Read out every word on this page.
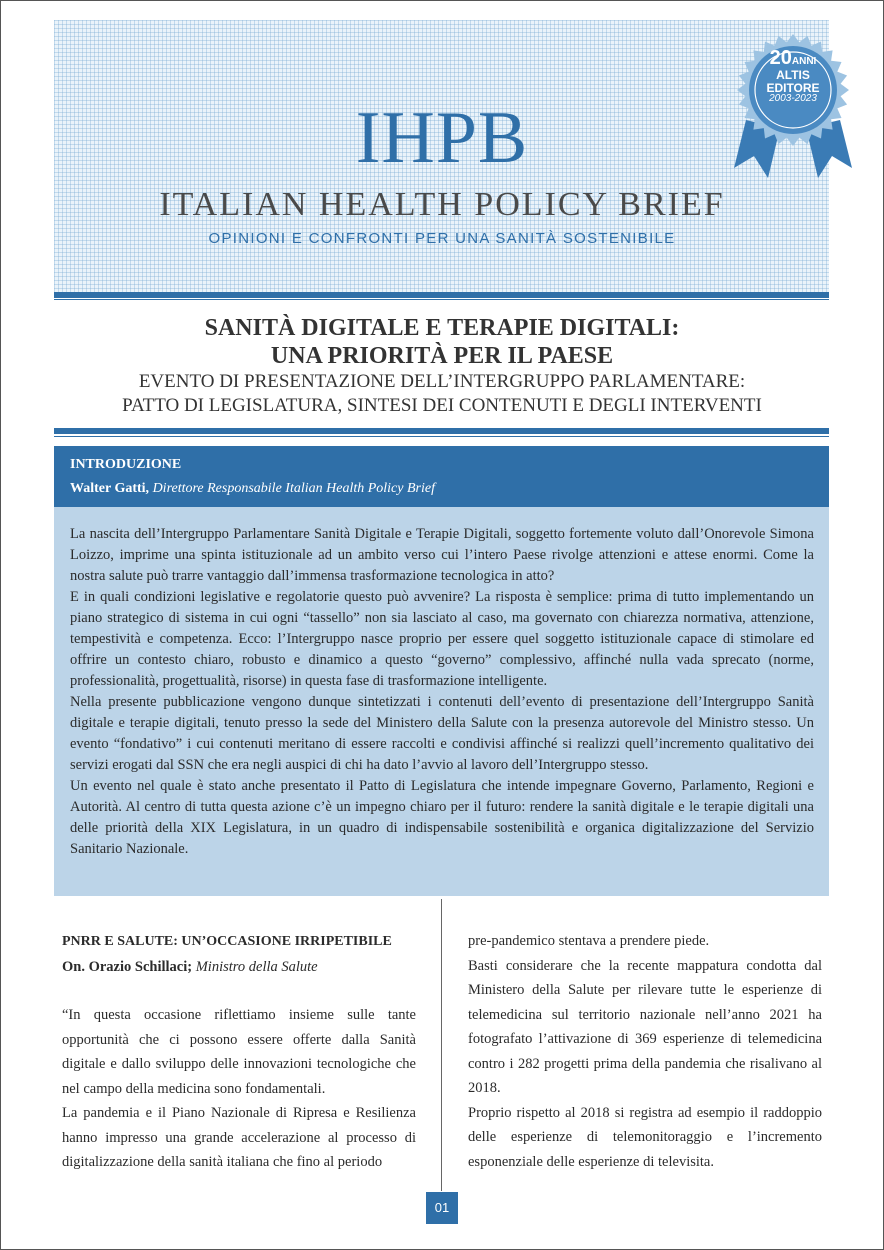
IHPB
ITALIAN HEALTH POLICY BRIEF
OPINIONI E CONFRONTI PER UNA SANITÀ SOSTENIBILE
20ANNI
ALTIS
EDITORE
2003-2023
SANITÀ DIGITALE E TERAPIE DIGITALI:
UNA PRIORITÀ PER IL PAESE
EVENTO DI PRESENTAZIONE DELL’INTERGRUPPO PARLAMENTARE:
PATTO DI LEGISLATURA, SINTESI DEI CONTENUTI E DEGLI INTERVENTI
INTRODUZIONE
Walter Gatti, Direttore Responsabile Italian Health Policy Brief

La nascita dell’Intergruppo Parlamentare Sanità Digitale e Terapie Digitali, soggetto fortemente voluto dall’Onorevole Simona Loizzo, imprime una spinta istituzionale ad un ambito verso cui l’intero Paese rivolge attenzioni e attese enormi. Come la nostra salute può trarre vantaggio dall’immensa trasformazione tecnologica in atto?

E in quali condizioni legislative e regolatorie questo può avvenire? La risposta è semplice: prima di tutto implementando un piano strategico di sistema in cui ogni “tassello” non sia lasciato al caso, ma governato con chiarezza normativa, attenzione, tempestività e competenza. Ecco: l’Intergruppo nasce proprio per essere quel soggetto istituzionale capace di stimolare ed offrire un contesto chiaro, robusto e dinamico a questo “governo” complessivo, affinché nulla vada sprecato (norme, professionalità, progettualità, risorse) in questa fase di trasformazione intelligente.

Nella presente pubblicazione vengono dunque sintetizzati i contenuti dell’evento di presentazione dell’Intergruppo Sanità digitale e terapie digitali, tenuto presso la sede del Ministero della Salute con la presenza autorevole del Ministro stesso. Un evento “fondativo” i cui contenuti meritano di essere raccolti e condivisi affinché si realizzi quell’incremento qualitativo dei servizi erogati dal SSN che era negli auspici di chi ha dato l’avvio al lavoro dell’Intergruppo stesso.

Un evento nel quale è stato anche presentato il Patto di Legislatura che intende impegnare Governo, Parlamento, Regioni e Autorità. Al centro di tutta questa azione c’è un impegno chiaro per il futuro: rendere la sanità digitale e le terapie digitali una delle priorità della XIX Legislatura, in un quadro di indispensabile sostenibilità e organica digitalizzazione del Servizio Sanitario Nazionale.

PNRR E SALUTE: UN’OCCASIONE IRRIPETIBILE
On. Orazio Schillaci; Ministro della Salute

“In questa occasione riflettiamo insieme sulle tante opportunità che ci possono essere offerte dalla Sanità digitale e dallo sviluppo delle innovazioni tecnologiche che nel campo della medicina sono fondamentali.

La pandemia e il Piano Nazionale di Ripresa e Resilienza hanno impresso una grande accelerazione al processo di digitalizzazione della sanità italiana che fino al periodo

pre-pandemico stentava a prendere piede.

Basti considerare che la recente mappatura condotta dal Ministero della Salute per rilevare tutte le esperienze di telemedicina sul territorio nazionale nell’anno 2021 ha fotografato l’attivazione di 369 esperienze di telemedicina contro i 282 progetti prima della pandemia che risalivano al 2018.

Proprio rispetto al 2018 si registra ad esempio il raddoppio delle esperienze di telemonitoraggio e l’incremento esponenziale delle esperienze di televisita.

01
